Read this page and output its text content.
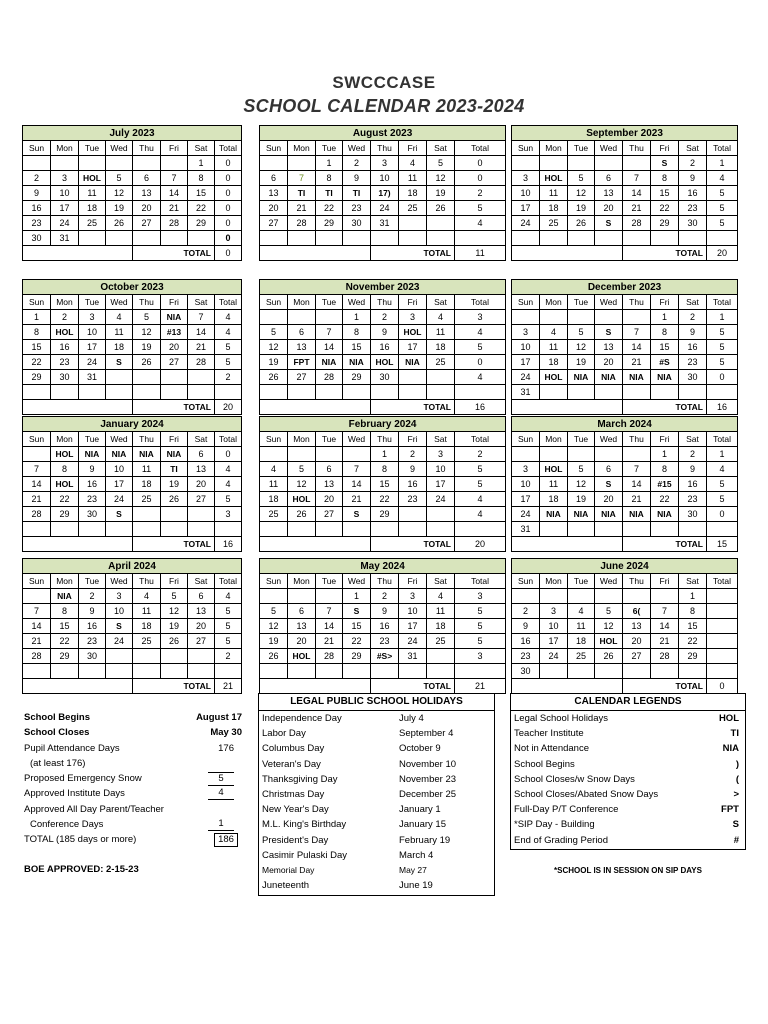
SWCCCASE
SCHOOL CALENDAR 2023-2024
July 2023							
Sun	Mon	Tue	Wed	Thu	Fri	Sat	Total
						1	0
2	3	HOL	5	6	7	8	0
9	10	11	12	13	14	15	0
16	17	18	19	20	21	22	0
23	24	25	26	27	28	29	0
30	31						0
				TOTAL			0
August 2023							
Sun	Mon	Tue	Wed	Thu	Fri	Sat	Total
		1	2	3	4	5	0
6	7	8	9	10	11	12	0
13	TI	TI	TI	17)	18	19	2
20	21	22	23	24	25	26	5
27	28	29	30	31			4

				TOTAL			11
September 2023							
Sun	Mon	Tue	Wed	Thu	Fri	Sat	Total
					S	2	1
3	HOL	5	6	7	8	9	4
10	11	12	13	14	15	16	5
17	18	19	20	21	22	23	5
24	25	26	S	28	29	30	5

				TOTAL			20
October 2023							
Sun	Mon	Tue	Wed	Thu	Fri	Sat	Total
1	2	3	4	5	NIA	7	4
8	HOL	10	11	12	#13	14	4
15	16	17	18	19	20	21	5
22	23	24	S	26	27	28	5
29	30	31					2

				TOTAL			20
November 2023							
Sun	Mon	Tue	Wed	Thu	Fri	Sat	Total
			1	2	3	4	3
5	6	7	8	9	HOL	11	4
12	13	14	15	16	17	18	5
19	FPT	NIA	NIA	HOL	NIA	25	0
26	27	28	29	30			4

				TOTAL			16
December 2023							
Sun	Mon	Tue	Wed	Thu	Fri	Sat	Total
					1	2	1
3	4	5	S	7	8	9	5
10	11	12	13	14	15	16	5
17	18	19	20	21	#S	23	5
24	HOL	NIA	NIA	NIA	NIA	30	0
31							
				TOTAL			16
January 2024							
Sun	Mon	Tue	Wed	Thu	Fri	Sat	Total
	HOL	NIA	NIA	NIA	NIA	6	0
7	8	9	10	11	TI	13	4
14	HOL	16	17	18	19	20	4
21	22	23	24	25	26	27	5
28	29	30	S				3

				TOTAL			16
February 2024							
Sun	Mon	Tue	Wed	Thu	Fri	Sat	Total
				1	2	3	2
4	5	6	7	8	9	10	5
11	12	13	14	15	16	17	5
18	HOL	20	21	22	23	24	4
25	26	27	S	29			4

				TOTAL			20
March 2024							
Sun	Mon	Tue	Wed	Thu	Fri	Sat	Total
					1	2	1
3	HOL	5	6	7	8	9	4
10	11	12	S	14	#15	16	5
17	18	19	20	21	22	23	5
24	NIA	NIA	NIA	NIA	NIA	30	0
31							
				TOTAL			15
April 2024							
Sun	Mon	Tue	Wed	Thu	Fri	Sat	Total
	NIA	2	3	4	5	6	4
7	8	9	10	11	12	13	5
14	15	16	S	18	19	20	5
21	22	23	24	25	26	27	5
28	29	30					2

				TOTAL			21
May 2024							
Sun	Mon	Tue	Wed	Thu	Fri	Sat	Total
			1	2	3	4	3
5	6	7	S	9	10	11	5
12	13	14	15	16	17	18	5
19	20	21	22	23	24	25	5
26	HOL	28	29	#S>	31		3

				TOTAL			21
June 2024							
Sun	Mon	Tue	Wed	Thu	Fri	Sat	Total
						1	
2	3	4	5	6(	7	8	
9	10	11	12	13	14	15	
16	17	18	HOL	20	21	22	
23	24	25	26	27	28	29	
30							
				TOTAL			0
School Begins	August 17
School Closes	May 30
Pupil Attendance Days	176
(at least 176)
Proposed Emergency Snow	5
Approved Institute Days	4
Approved All Day Parent/Teacher
Conference Days	1
TOTAL (185 days or more)	186
BOE APPROVED: 2-15-23
LEGAL PUBLIC SCHOOL HOLIDAYS
Independence Day	July 4
Labor Day	September 4
Columbus Day	October 9
Veteran's Day	November 10
Thanksgiving Day	November 23
Christmas Day	December 25
New Year's Day	January 1
M.L. King's Birthday	January 15
President's Day	February 19
Casimir Pulaski Day	March 4
Memorial Day	May 27
Juneteenth	June 19
CALENDAR LEGENDS
Legal School Holidays	HOL
Teacher Institute	TI
Not in Attendance	NIA
School Begins	)
School Closes/w Snow Days	(
School Closes/Abated Snow Days	>
Full-Day P/T Conference	FPT
*SIP Day - Building	S
End of Grading Period	#
*SCHOOL IS IN SESSION ON SIP DAYS
